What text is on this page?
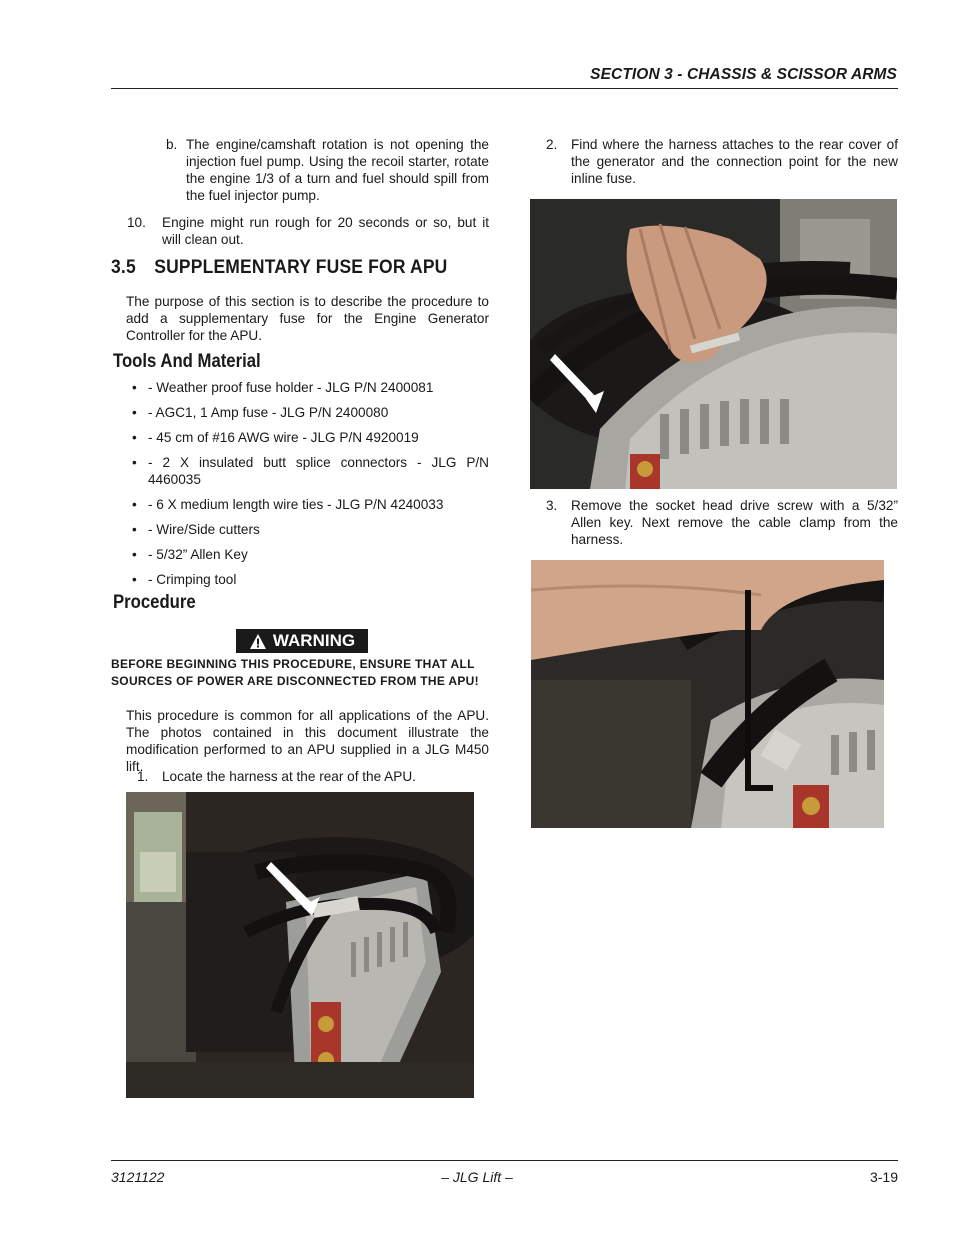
SECTION 3 - CHASSIS & SCISSOR ARMS
b. The engine/camshaft rotation is not opening the injection fuel pump. Using the recoil starter, rotate the engine 1/3 of a turn and fuel should spill from the fuel injector pump.
10. Engine might run rough for 20 seconds or so, but it will clean out.
3.5 SUPPLEMENTARY FUSE FOR APU
The purpose of this section is to describe the procedure to add a supplementary fuse for the Engine Generator Controller for the APU.
Tools And Material
• - Weather proof fuse holder - JLG P/N 2400081
• - AGC1, 1 Amp fuse - JLG P/N 2400080
• - 45 cm of #16 AWG wire - JLG P/N 4920019
• - 2 X insulated butt splice connectors - JLG P/N 4460035
• - 6 X medium length wire ties - JLG P/N 4240033
• - Wire/Side cutters
• - 5/32” Allen Key
• - Crimping tool
Procedure
WARNING
BEFORE BEGINNING THIS PROCEDURE, ENSURE THAT ALL SOURCES OF POWER ARE DISCONNECTED FROM THE APU!
This procedure is common for all applications of the APU. The photos contained in this document illustrate the modification performed to an APU supplied in a JLG M450 lift.
1. Locate the harness at the rear of the APU.
2. Find where the harness attaches to the rear cover of the generator and the connection point for the new inline fuse.
3. Remove the socket head drive screw with a 5/32” Allen key. Next remove the cable clamp from the harness.
3121122	– JLG Lift –	3-19
